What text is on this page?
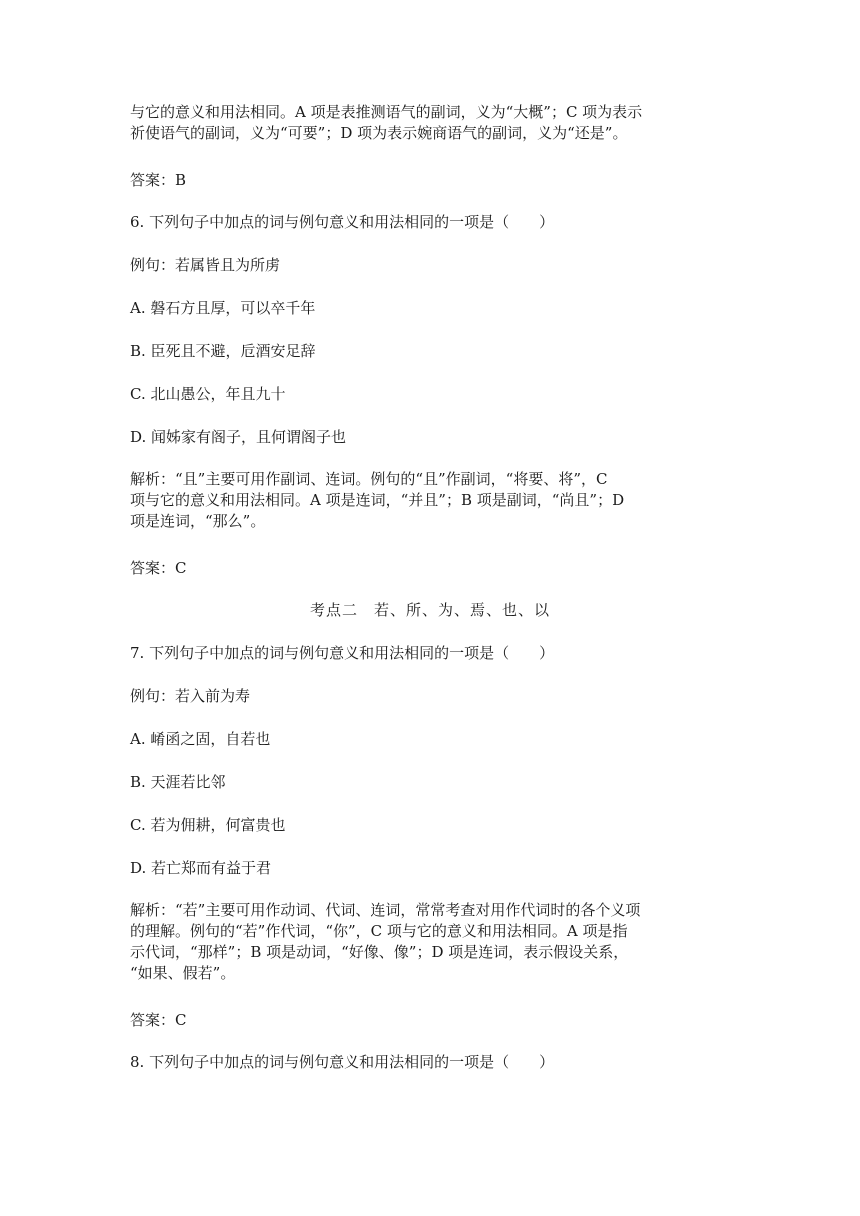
与它的意义和用法相同。A 项是表推测语气的副词，义为“大概”；C 项为表示
祈使语气的副词，义为“可要”；D 项为表示婉商语气的副词，义为“还是”。
答案：B
6. 下列句子中加点的词与例句意义和用法相同的一项是（　　）
例句：若属皆且为所虏
A. 磐石方且厚，可以卒千年
B. 臣死且不避，卮酒安足辞
C. 北山愚公，年且九十
D. 闻姊家有阁子，且何谓阁子也
解析：“且”主要可用作副词、连词。例句的“且”作副词，“将要、将”，C
项与它的意义和用法相同。A 项是连词，“并且”；B 项是副词，“尚且”；D
项是连词，“那么”。
答案：C
考点二　若、所、为、焉、也、以
7. 下列句子中加点的词与例句意义和用法相同的一项是（　　）
例句：若入前为寿
A. 崤函之固，自若也
B. 天涯若比邻
C. 若为佣耕，何富贵也
D. 若亡郑而有益于君
解析：“若”主要可用作动词、代词、连词，常常考查对用作代词时的各个义项
的理解。例句的“若”作代词，“你”，C 项与它的意义和用法相同。A 项是指
示代词，“那样”；B 项是动词，“好像、像”；D 项是连词，表示假设关系，
“如果、假若”。
答案：C
8. 下列句子中加点的词与例句意义和用法相同的一项是（　　）
